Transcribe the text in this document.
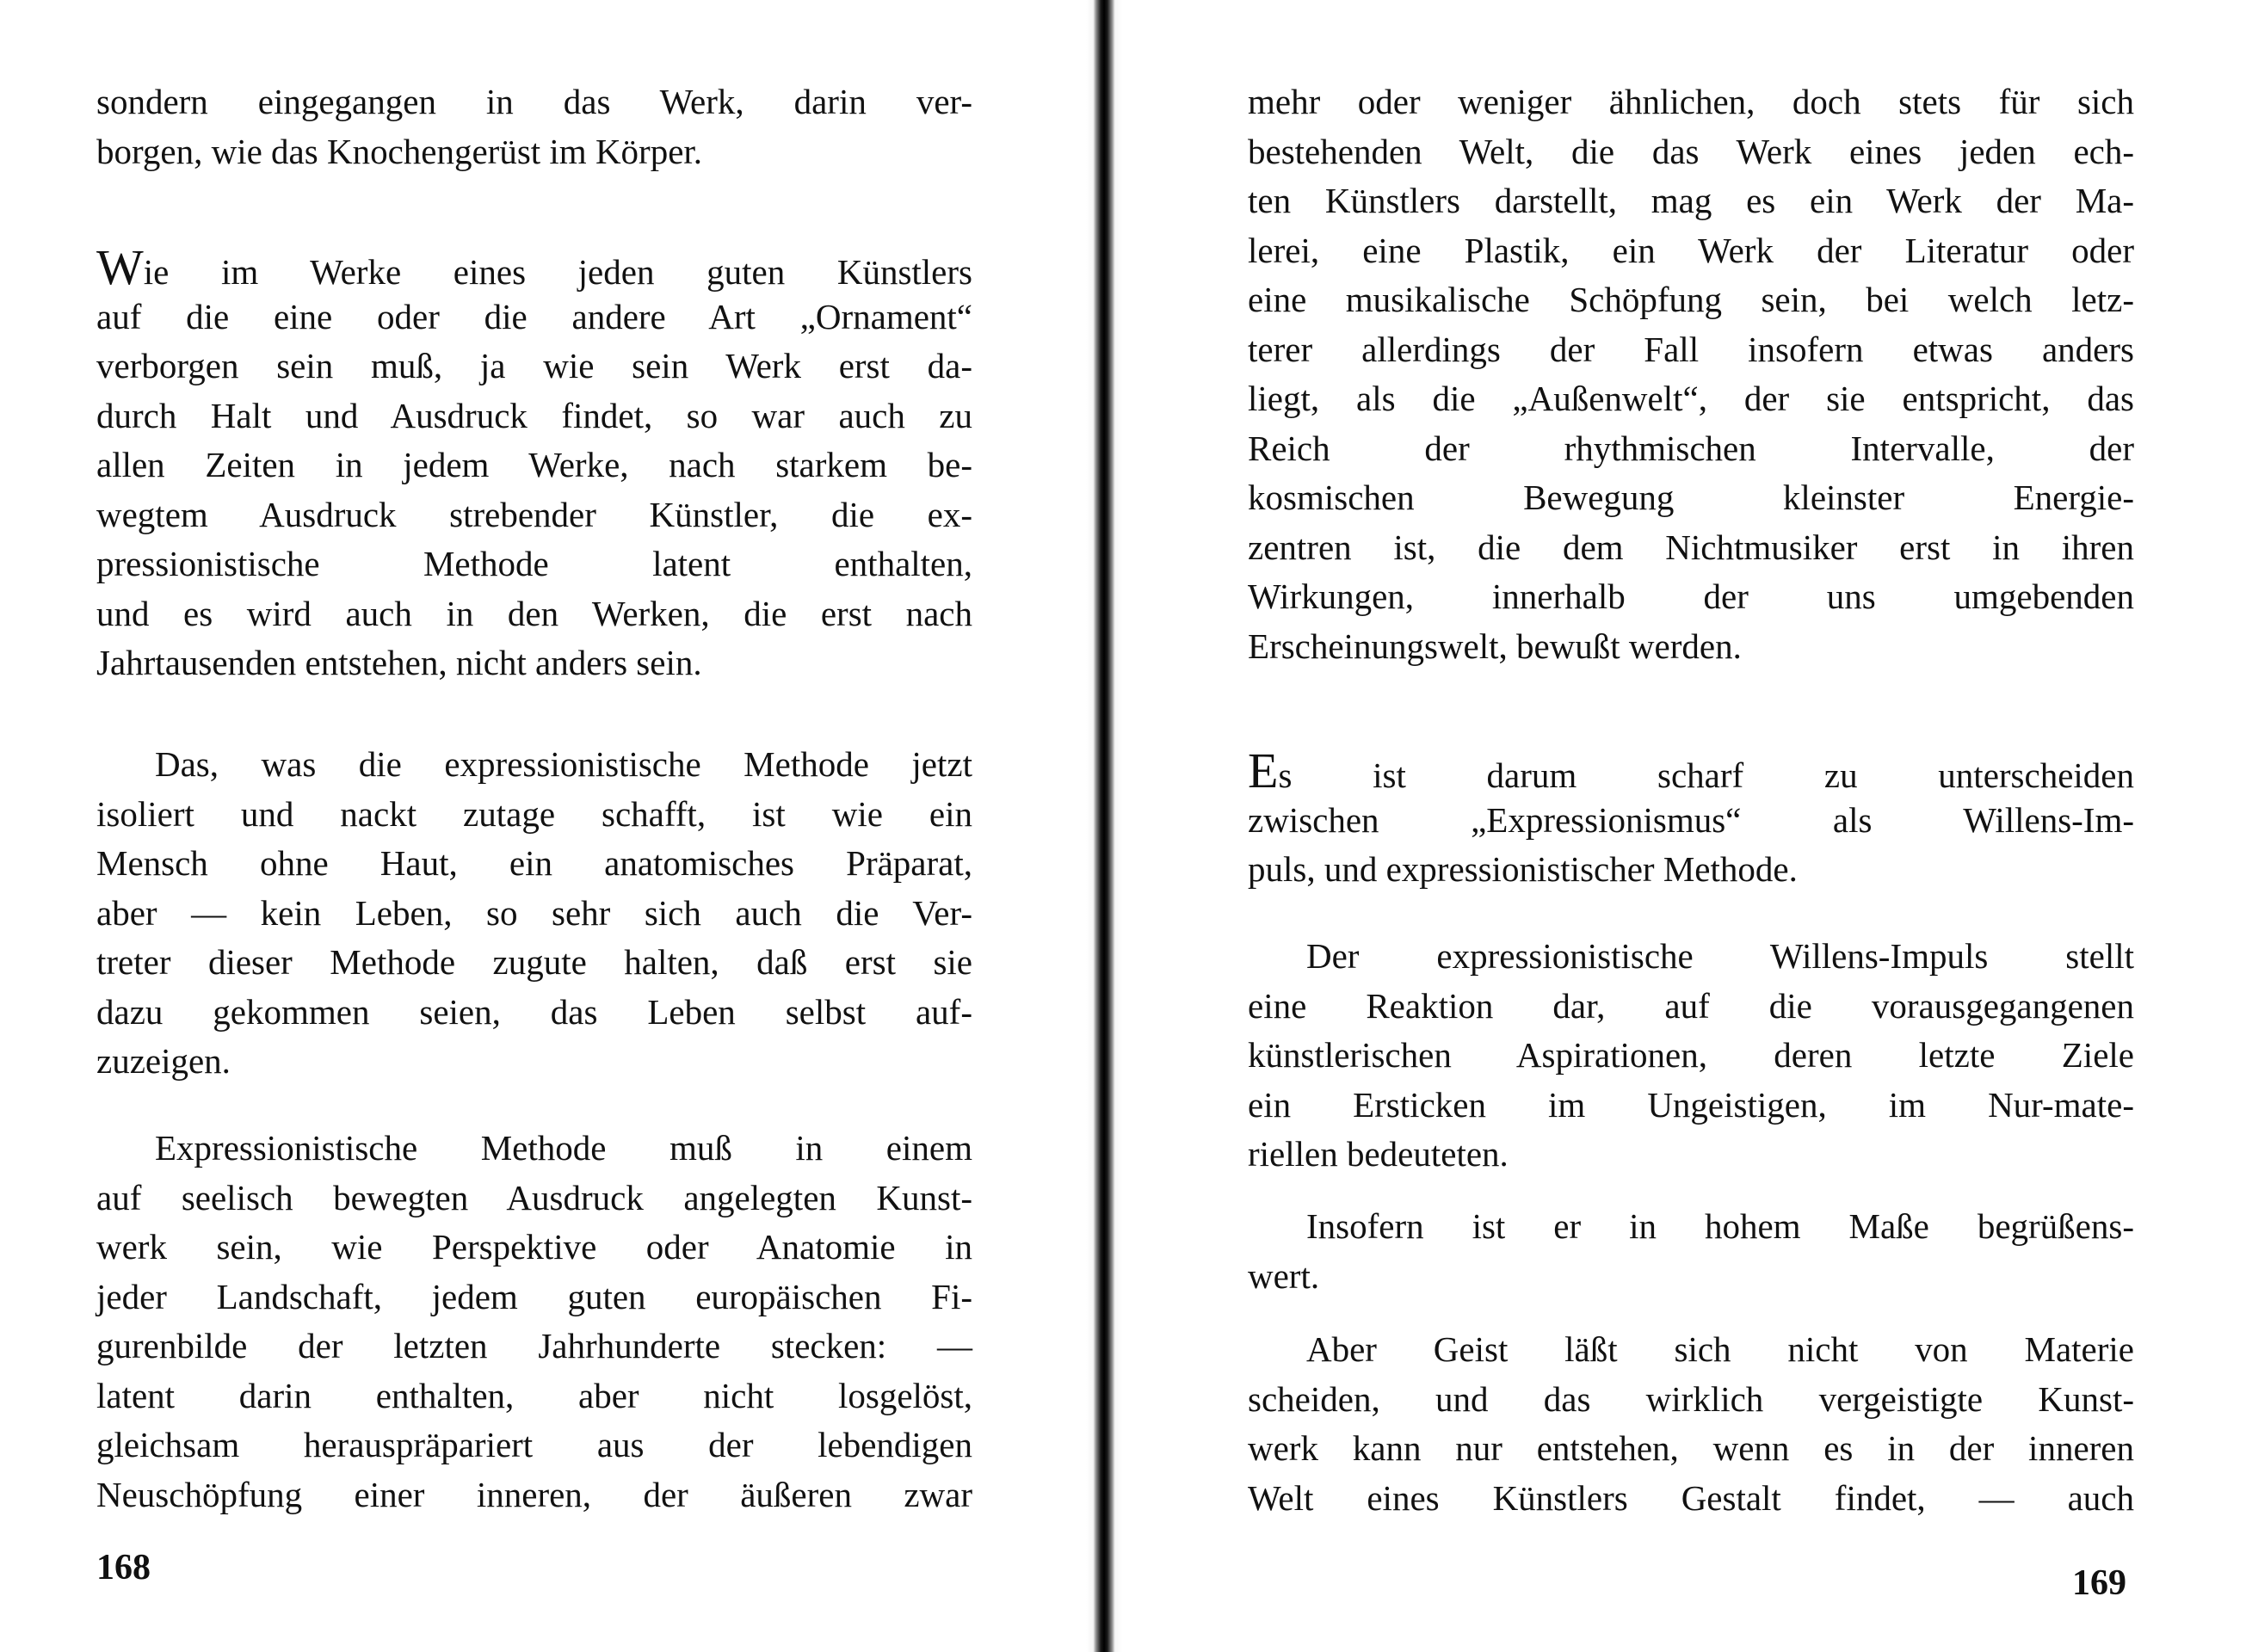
sondern eingegangen in das Werk, darin ver-
borgen, wie das Knochengerüst im Körper.

Wie im Werke eines jeden guten Künstlers
auf die eine oder die andere Art „Ornament“
verborgen sein muß, ja wie sein Werk erst da-
durch Halt und Ausdruck findet, so war auch zu
allen Zeiten in jedem Werke, nach starkem be-
wegtem Ausdruck strebender Künstler, die ex-
pressionistische Methode latent enthalten,
und es wird auch in den Werken, die erst nach
Jahrtausenden entstehen, nicht anders sein.

Das, was die expressionistische Methode jetzt
isoliert und nackt zutage schafft, ist wie ein
Mensch ohne Haut, ein anatomisches Präparat,
aber — kein Leben, so sehr sich auch die Ver-
treter dieser Methode zugute halten, daß erst sie
dazu gekommen seien, das Leben selbst auf-
zuzeigen.

Expressionistische Methode muß in einem
auf seelisch bewegten Ausdruck angelegten Kunst-
werk sein, wie Perspektive oder Anatomie in
jeder Landschaft, jedem guten europäischen Fi-
gurenbilde der letzten Jahrhunderte stecken: —
latent darin enthalten, aber nicht losgelöst,
gleichsam herauspräpariert aus der lebendigen
Neuschöpfung einer inneren, der äußeren zwar

168

mehr oder weniger ähnlichen, doch stets für sich
bestehenden Welt, die das Werk eines jeden ech-
ten Künstlers darstellt, mag es ein Werk der Ma-
lerei, eine Plastik, ein Werk der Literatur oder
eine musikalische Schöpfung sein, bei welch letz-
terer allerdings der Fall insofern etwas anders
liegt, als die „Außenwelt“, der sie entspricht, das
Reich der rhythmischen Intervalle, der
kosmischen Bewegung kleinster Energie-
zentren ist, die dem Nichtmusiker erst in ihren
Wirkungen, innerhalb der uns umgebenden
Erscheinungswelt, bewußt werden.

Es ist darum scharf zu unterscheiden
zwischen „Expressionismus“ als Willens-Im-
puls, und expressionistischer Methode.

Der expressionistische Willens-Impuls stellt
eine Reaktion dar, auf die vorausgegangenen
künstlerischen Aspirationen, deren letzte Ziele
ein Ersticken im Ungeistigen, im Nur-mate-
riellen bedeuteten.

Insofern ist er in hohem Maße begrüßens-
wert.

Aber Geist läßt sich nicht von Materie
scheiden, und das wirklich vergeistigte Kunst-
werk kann nur entstehen, wenn es in der inneren
Welt eines Künstlers Gestalt findet, — auch

169
